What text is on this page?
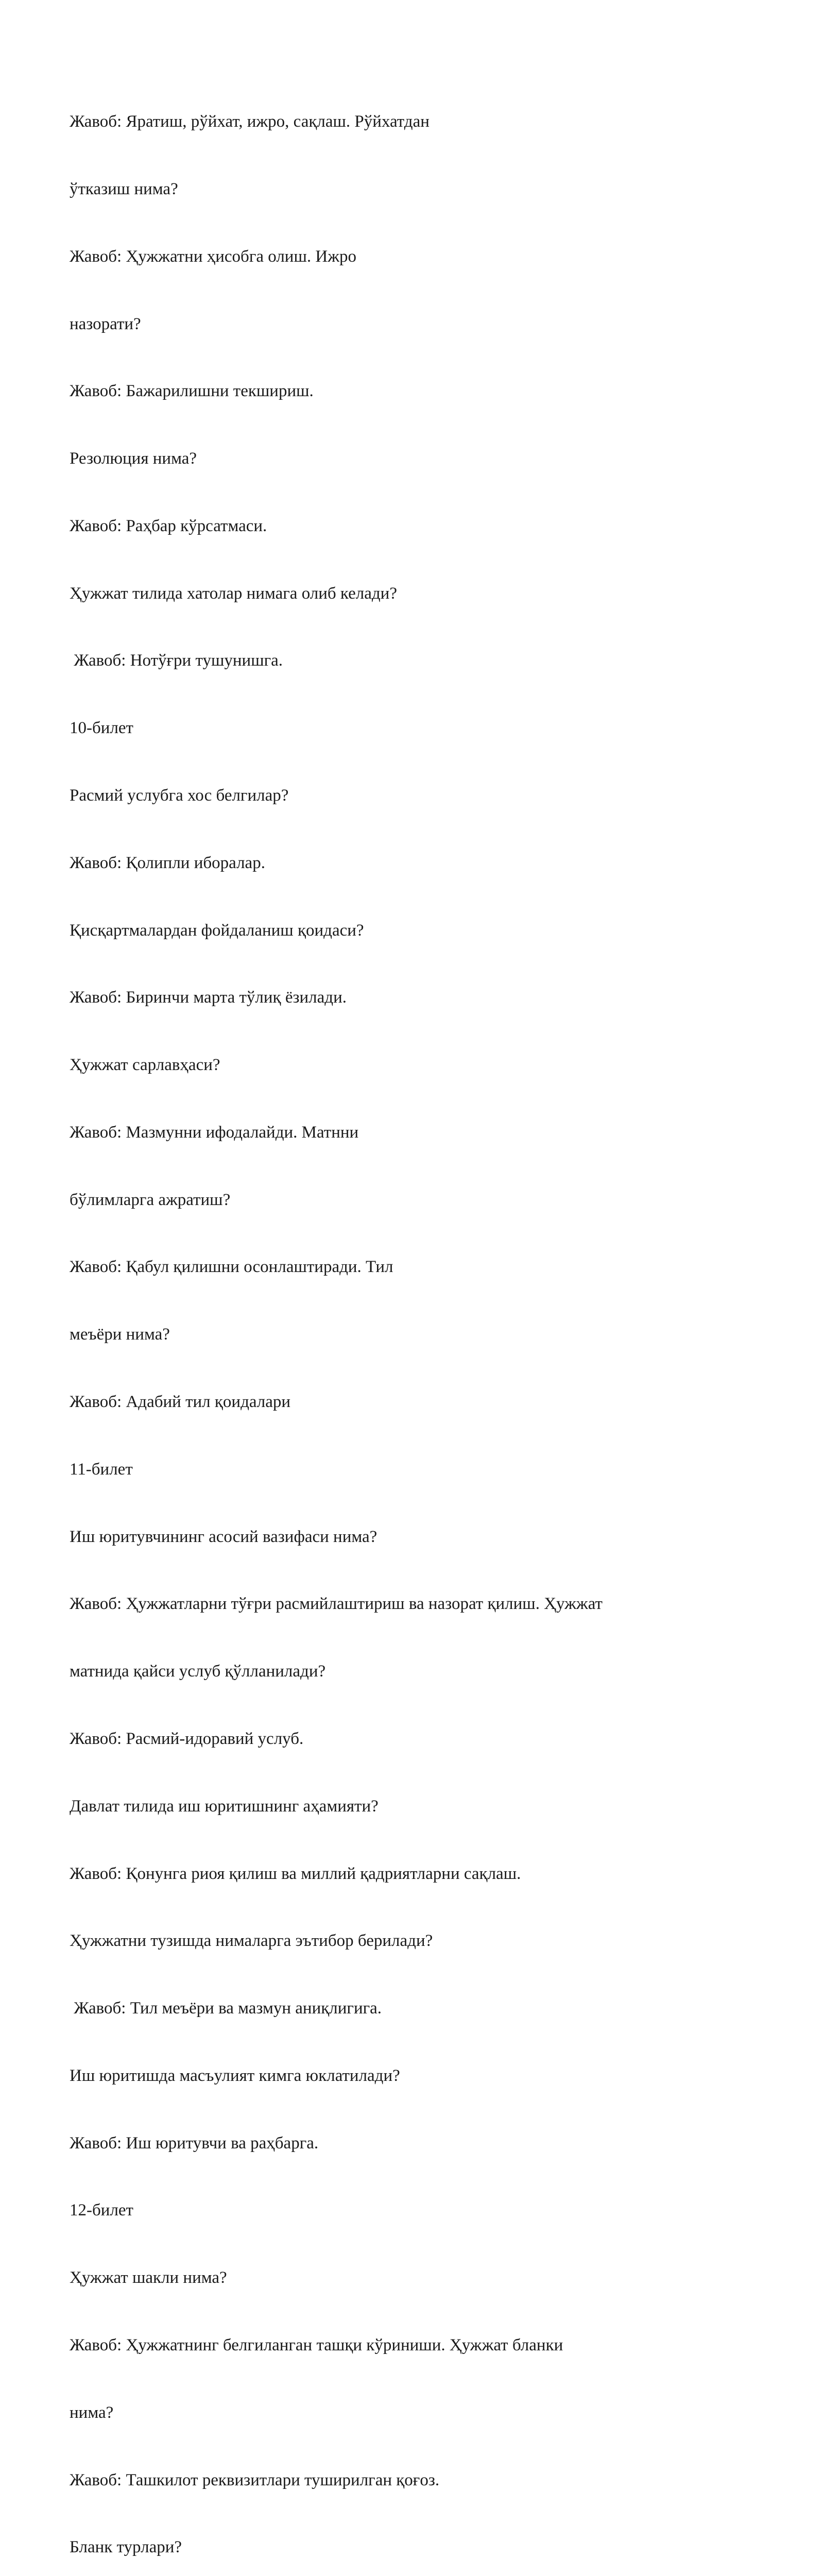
Жавоб: Яратиш, рўйхат, ижро, сақлаш. Рўйхатдан

ўтказиш нима?

Жавоб: Ҳужжатни ҳисобга олиш. Ижро

назорати?

Жавоб: Бажарилишни текшириш.

Резолюция нима?

Жавоб: Раҳбар кўрсатмаси.

Ҳужжат тилида хатолар нимага олиб келади?

Жавоб: Нотўғри тушунишга.

10-билет

Расмий услубга хос белгилар?

Жавоб: Қолипли иборалар.

Қисқартмалардан фойдаланиш қоидаси?

Жавоб: Биринчи марта тўлиқ ёзилади.

Ҳужжат сарлавҳаси?

Жавоб: Мазмунни ифодалайди. Матнни

бўлимларга ажратиш?

Жавоб: Қабул қилишни осонлаштиради. Тил

меъёри нима?

Жавоб: Адабий тил қоидалари

11-билет

Иш юритувчининг асосий вазифаси нима?

Жавоб: Ҳужжатларни тўғри расмийлаштириш ва назорат қилиш. Ҳужжат

матнида қайси услуб қўлланилади?

Жавоб: Расмий-идоравий услуб.

Давлат тилида иш юритишнинг аҳамияти?

Жавоб: Қонунга риоя қилиш ва миллий қадриятларни сақлаш.

Ҳужжатни тузишда нималарга эътибор берилади?

Жавоб: Тил меъёри ва мазмун аниқлигига.

Иш юритишда масъулият кимга юклатилади?

Жавоб: Иш юритувчи ва раҳбарга.

12-билет

Ҳужжат шакли нима?

Жавоб: Ҳужжатнинг белгиланган ташқи кўриниши. Ҳужжат бланки

нима?

Жавоб: Ташкилот реквизитлари туширилган қоғоз.

Бланк турлари?
